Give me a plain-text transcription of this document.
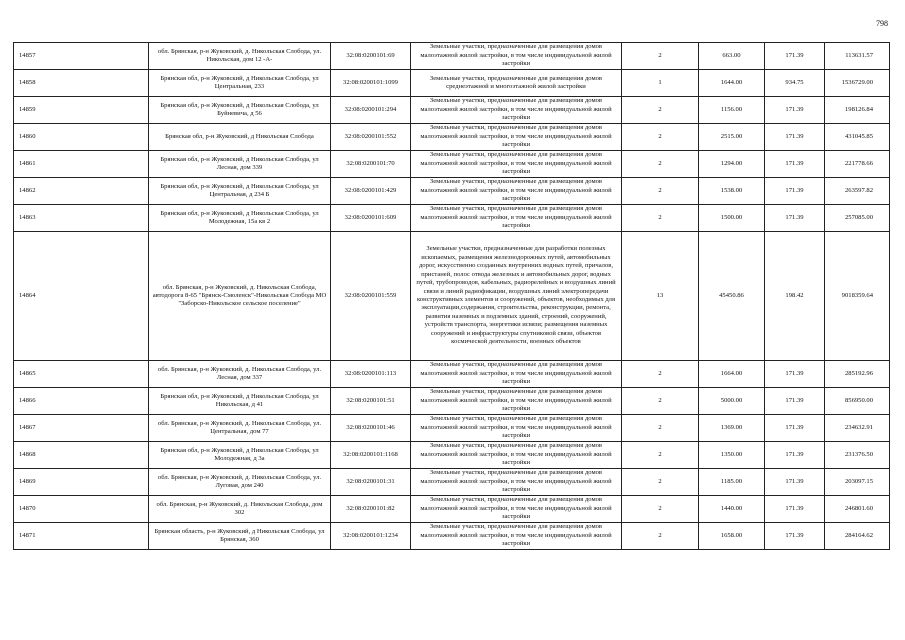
798
14857	обл. Брянская, р-н Жуковский, д. Никольская Слобода, ул. Никольская, дом 12 -А-	32:08:0200101:69	Земельные участки, предназначенные для размещения домов малоэтажной жилой застройки, в том числе индивидуальной жилой застройки	2	663.00	171.39	113631.57
14858	Брянская обл, р-н Жуковский, д Никольская Слобода, ул Центральная, 233	32:08:0200101:1099	Земельные участки, предназначенные для размещения домов среднеэтажной и многоэтажной жилой застройки	1	1644.00	934.75	1536729.00
14859	Брянская обл, р-н Жуковский, д Никольская Слобода, ул Буйневича, д 56	32:08:0200101:294	Земельные участки, предназначенные для размещения домов малоэтажной жилой застройки, в том числе индивидуальной жилой застройки	2	1156.00	171.39	198126.84
14860	Брянская обл, р-н Жуковский, д Никольская Слобода	32:08:0200101:552	Земельные участки, предназначенные для размещения домов малоэтажной жилой застройки, в том числе индивидуальной жилой застройки	2	2515.00	171.39	431045.85
14861	Брянская обл, р-н Жуковский, д Никольская Слобода, ул Лесная, дом 339	32:08:0200101:70	Земельные участки, предназначенные для размещения домов малоэтажной жилой застройки, в том числе индивидуальной жилой застройки	2	1294.00	171.39	221778.66
14862	Брянская обл, р-н Жуковский, д Никольская Слобода, ул Центральная, д 234 Б	32:08:0200101:429	Земельные участки, предназначенные для размещения домов малоэтажной жилой застройки, в том числе индивидуальной жилой застройки	2	1538.00	171.39	263597.82
14863	Брянская обл, р-н Жуковский, д Никольская Слобода, ул Молодежная, 15а кв 2	32:08:0200101:609	Земельные участки, предназначенные для размещения домов малоэтажной жилой застройки, в том числе индивидуальной жилой застройки	2	1500.00	171.39	257085.00
14864	обл. Брянская, р-н Жуковский, д. Никольская Слобода, автодорога 8-65 "Брянск-Смоленск"-Никольская Слобода МО "Заборско-Никольское сельское поселение"	32:08:0200101:559	Земельные участки, предназначенные для разработки полезных ископаемых, размещения железнодорожных путей, автомобильных дорог, искусственно созданных внутренних водных путей, причалов, пристаней, полос отвода железных и автомобильных дорог, водных путей, трубопроводов, кабельных, радиорелейных и воздушных линий связи и линий радиофикации, воздушных линий электропередачи конструктивных элементов и сооружений, объектов, необходимых для эксплуатации,содержания, строительства, реконструкции, ремонта, развития наземных и подземных зданий, строений, сооружений, устройств транспорта, энергетики исвязи; размещения наземных сооружений и инфраструктуры спутниковой связи, объектов космической деятельности, военных объектов	13	45450.86	198.42	9018359.64
14865	обл. Брянская, р-н Жуковский, д. Никольская Слобода, ул. Лесная, дом 337	32:08:0200101:113	Земельные участки, предназначенные для размещения домов малоэтажной жилой застройки, в том числе индивидуальной жилой застройки	2	1664.00	171.39	285192.96
14866	Брянская обл, р-н Жуковский, д Никольская Слобода, ул Никольская, д 41	32:08:0200101:51	Земельные участки, предназначенные для размещения домов малоэтажной жилой застройки, в том числе индивидуальной жилой застройки	2	5000.00	171.39	856950.00
14867	обл. Брянская, р-н Жуковский, д. Никольская Слобода, ул. Центральная, дом 77	32:08:0200101:46	Земельные участки, предназначенные для размещения домов малоэтажной жилой застройки, в том числе индивидуальной жилой застройки	2	1369.00	171.39	234632.91
14868	Брянская обл, р-н Жуковский, д Никольская Слобода, ул Молодежная, д 3а	32:08:0200101:1168	Земельные участки, предназначенные для размещения домов малоэтажной жилой застройки, в том числе индивидуальной жилой застройки	2	1350.00	171.39	231376.50
14869	обл. Брянская, р-н Жуковский, д. Никольская Слобода, ул. Луговая, дом 240	32:08:0200101:31	Земельные участки, предназначенные для размещения домов малоэтажной жилой застройки, в том числе индивидуальной жилой застройки	2	1185.00	171.39	203097.15
14870	обл. Брянская, р-н Жуковский, д. Никольская Слобода, дом 302	32:08:0200101:82	Земельные участки, предназначенные для размещения домов малоэтажной жилой застройки, в том числе индивидуальной жилой застройки	2	1440.00	171.39	246801.60
14871	Брянская область, р-н Жуковский, д Никольская Слобода, ул Брянская, 360	32:08:0200101:1234	Земельные участки, предназначенные для размещения домов малоэтажной жилой застройки, в том числе индивидуальной жилой застройки	2	1658.00	171.39	284164.62
